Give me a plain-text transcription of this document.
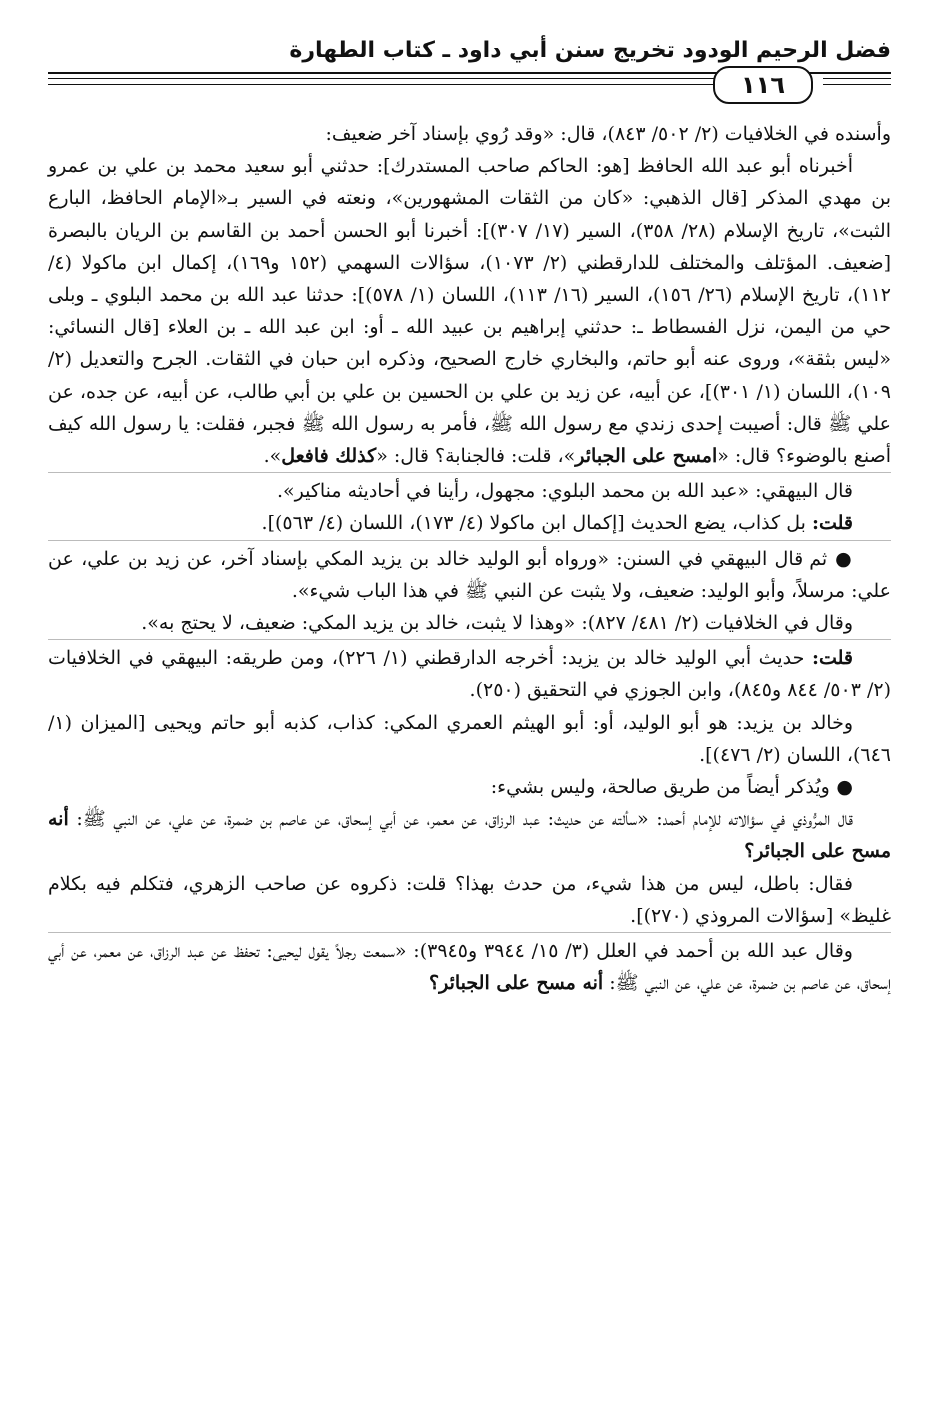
فضل الرحيم الودود تخريج سنن أبي داود ـ كتاب الطهارة
١١٦

وأسنده في الخلافيات (٢/ ٥٠٢/ ٨٤٣)، قال: «وقد رُوي بإسناد آخر ضعيف:

أخبرناه أبو عبد الله الحافظ [هو: الحاكم صاحب المستدرك]: حدثني أبو سعيد محمد بن علي بن عمرو بن مهدي المذكر [قال الذهبي: «كان من الثقات المشهورين»، ونعته في السير بـ«الإمام الحافظ، البارع الثبت»، تاريخ الإسلام (٢٨/ ٣٥٨)، السير (١٧/ ٣٠٧)]: أخبرنا أبو الحسن أحمد بن القاسم بن الريان بالبصرة [ضعيف. المؤتلف والمختلف للدارقطني (٢/ ١٠٧٣)، سؤالات السهمي (١٥٢ و١٦٩)، إكمال ابن ماكولا (٤/ ١١٢)، تاريخ الإسلام (٢٦/ ١٥٦)، السير (١٦/ ١١٣)، اللسان (١/ ٥٧٨)]: حدثنا عبد الله بن محمد البلوي ـ وبلى حي من اليمن، نزل الفسطاط ـ: حدثني إبراهيم بن عبيد الله ـ أو: ابن عبد الله ـ بن العلاء [قال النسائي: «ليس بثقة»، وروى عنه أبو حاتم، والبخاري خارج الصحيح، وذكره ابن حبان في الثقات. الجرح والتعديل (٢/ ١٠٩)، اللسان (١/ ٣٠١)]، عن أبيه، عن زيد بن علي بن الحسين بن علي بن أبي طالب، عن أبيه، عن جده، عن علي ﷺ قال: أصيبت إحدى زندي مع رسول الله ﷺ، فأمر به رسول الله ﷺ فجبر، فقلت: يا رسول الله كيف أصنع بالوضوء؟ قال: «امسح على الجبائر»، قلت: فالجنابة؟ قال: «كذلك فافعل».

قال البيهقي: «عبد الله بن محمد البلوي: مجهول، رأينا في أحاديثه مناكير».

قلت: بل كذاب، يضع الحديث [إكمال ابن ماكولا (٤/ ١٧٣)، اللسان (٤/ ٥٦٣)].

● ثم قال البيهقي في السنن: «ورواه أبو الوليد خالد بن يزيد المكي بإسناد آخر، عن زيد بن علي، عن علي: مرسلاً، وأبو الوليد: ضعيف، ولا يثبت عن النبي ﷺ في هذا الباب شيء».

وقال في الخلافيات (٢/ ٤٨١/ ٨٢٧): «وهذا لا يثبت، خالد بن يزيد المكي: ضعيف، لا يحتج به».

قلت: حديث أبي الوليد خالد بن يزيد: أخرجه الدارقطني (١/ ٢٢٦)، ومن طريقه: البيهقي في الخلافيات (٢/ ٥٠٣/ ٨٤٤ و٨٤٥)، وابن الجوزي في التحقيق (٢٥٠).

وخالد بن يزيد: هو أبو الوليد، أو: أبو الهيثم العمري المكي: كذاب، كذبه أبو حاتم ويحيى [الميزان (١/ ٦٤٦)، اللسان (٢/ ٤٧٦)].

● ويُذكر أيضاً من طريق صالحة، وليس بشيء:

قال المرُّوذي في سؤالاته للإمام أحمد: «سألته عن حديث: عبد الرزاق، عن معمر، عن أبي إسحاق، عن عاصم بن ضمرة، عن علي، عن النبي ﷺ: أنه مسح على الجبائر؟

فقال: باطل، ليس من هذا شيء، من حدث بهذا؟ قلت: ذكروه عن صاحب الزهري، فتكلم فيه بكلام غليظ» [سؤالات المروذي (٢٧٠)].

وقال عبد الله بن أحمد في العلل (٣/ ١٥/ ٣٩٤٤ و٣٩٤٥): «سمعت رجلاً يقول ليحيى: تحفظ عن عبد الرزاق، عن معمر، عن أبي إسحاق، عن عاصم بن ضمرة، عن علي، عن النبي ﷺ: أنه مسح على الجبائر؟
